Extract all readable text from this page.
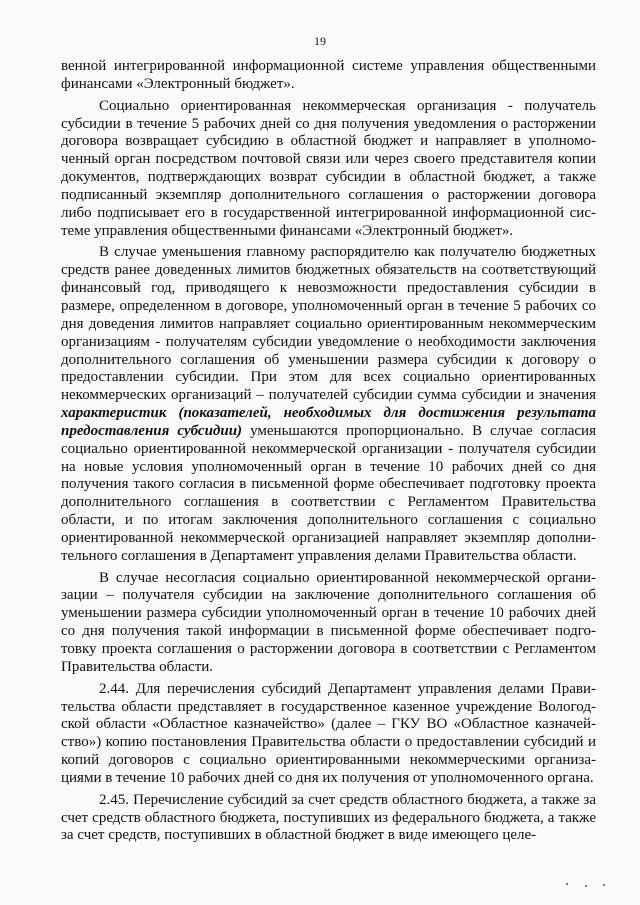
19

венной интегрированной информационной системе управления общественными финансами «Электронный бюджет».

Социально ориентированная некоммерческая организация - получатель субсидии в течение 5 рабочих дней со дня получения уведомления о расторжении договора возвращает субсидию в областной бюджет и направляет в уполномоченный орган посредством почтовой связи или через своего представителя копии документов, подтверждающих возврат субсидии в областной бюджет, а также подписанный экземпляр дополнительного соглашения о расторжении договора либо подписывает его в государственной интегрированной информационной системе управления общественными финансами «Электронный бюджет».

В случае уменьшения главному распорядителю как получателю бюджетных средств ранее доведенных лимитов бюджетных обязательств на соответствующий финансовый год, приводящего к невозможности предоставления субсидии в размере, определенном в договоре, уполномоченный орган в течение 5 рабочих со дня доведения лимитов направляет социально ориентированным некоммерческим организациям - получателям субсидии уведомление о необходимости заключения дополнительного соглашения об уменьшении размера субсидии к договору о предоставлении субсидии. При этом для всех социально ориентированных некоммерческих организаций – получателей субсидии сумма субсидии и значения характеристик (показателей, необходимых для достижения результата предоставления субсидии) уменьшаются пропорционально. В случае согласия социально ориентированной некоммерческой организации - получателя субсидии на новые условия уполномоченный орган в течение 10 рабочих дней со дня получения такого согласия в письменной форме обеспечивает подготовку проекта дополнительного соглашения в соответствии с Регламентом Правительства области, и по итогам заключения дополнительного соглашения с социально ориентированной некоммерческой организацией направляет экземпляр дополнительного соглашения в Департамент управления делами Правительства области.

В случае несогласия социально ориентированной некоммерческой организации – получателя субсидии на заключение дополнительного соглашения об уменьшении размера субсидии уполномоченный орган в течение 10 рабочих дней со дня получения такой информации в письменной форме обеспечивает подготовку проекта соглашения о расторжении договора в соответствии с Регламентом Правительства области.

2.44. Для перечисления субсидий Департамент управления делами Правительства области представляет в государственное казенное учреждение Вологодской области «Областное казначейство» (далее – ГКУ ВО «Областное казначейство») копию постановления Правительства области о предоставлении субсидий и копий договоров с социально ориентированными некоммерческими организациями в течение 10 рабочих дней со дня их получения от уполномоченного органа.

2.45. Перечисление субсидий за счет средств областного бюджета, а также за счет средств областного бюджета, поступивших из федерального бюджета, а также за счет средств, поступивших в областной бюджет в виде имеющего целе-
